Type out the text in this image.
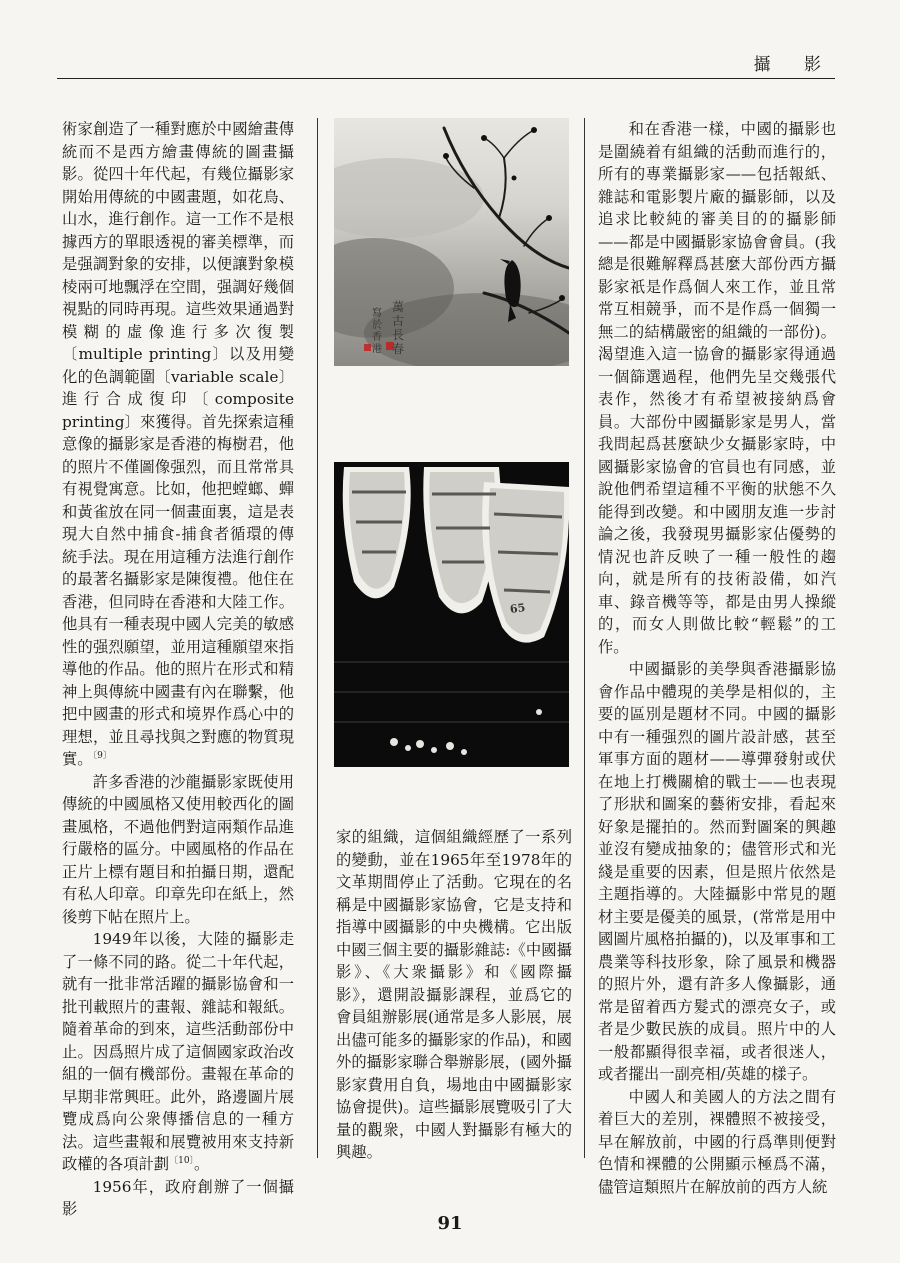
攝 影

術家創造了一種對應於中國繪畫傳統而不是西方繪畫傳統的圖畫攝影。從四十年代起，有幾位攝影家開始用傳統的中國畫題，如花鳥、山水，進行創作。這一工作不是根據西方的單眼透視的審美標準，而是强調對象的安排，以便讓對象模棱兩可地飄浮在空間，强調好幾個視點的同時再現。這些效果通過對模糊的虛像進行多次復製〔multiple printing〕以及用變化的色調範圍〔variable scale〕進行合成復印〔composite printing〕來獲得。首先探索這種意像的攝影家是香港的梅樹君，他的照片不僅圖像强烈，而且常常具有視覺寓意。比如，他把螳螂、蟬和黃雀放在同一個畫面裏，這是表現大自然中捕食-捕食者循環的傳統手法。現在用這種方法進行創作的最著名攝影家是陳復禮。他住在香港，但同時在香港和大陸工作。他具有一種表現中國人完美的敏感性的强烈願望，並用這種願望來指導他的作品。他的照片在形式和精神上與傳統中國畫有內在聯繫，他把中國畫的形式和境界作爲心中的理想，並且尋找與之對應的物質現實。$^{〔9〕}$

許多香港的沙龍攝影家既使用傳統的中國風格又使用較西化的圖畫風格，不過他們對這兩類作品進行嚴格的區分。中國風格的作品在正片上標有題目和拍攝日期，還配有私人印章。印章先印在紙上，然後剪下帖在照片上。

1949年以後，大陸的攝影走了一條不同的路。從二十年代起，就有一批非常活躍的攝影協會和一批刊載照片的畫報、雜誌和報紙。隨着革命的到來，這些活動部份中止。因爲照片成了這個國家政治改組的一個有機部份。畫報在革命的早期非常興旺。此外，路邊圖片展覽成爲向公衆傳播信息的一種方法。這些畫報和展覽被用來支持新政權的各項計劃$^{〔10〕}$。

1956年，政府創辦了一個攝影

萬 古 長 春
寫 於 香 港
65

家的組織，這個組織經歷了一系列的變動，並在1965年至1978年的文革期間停止了活動。它現在的名稱是中國攝影家協會，它是支持和指導中國攝影的中央機構。它出版中國三個主要的攝影雜誌:《中國攝影》、《大衆攝影》和《國際攝影》，還開設攝影課程，並爲它的會員組辦影展(通常是多人影展，展出儘可能多的攝影家的作品)，和國外的攝影家聯合舉辦影展，(國外攝影家費用自負，場地由中國攝影家協會提供)。這些攝影展覽吸引了大量的觀衆，中國人對攝影有極大的興趣。

和在香港一樣，中國的攝影也是圍繞着有組織的活動而進行的，所有的專業攝影家——包括報紙、雜誌和電影製片廠的攝影師，以及追求比較純的審美目的的攝影師——都是中國攝影家協會會員。(我總是很難解釋爲甚麼大部份西方攝影家祇是作爲個人來工作，並且常常互相競爭，而不是作爲一個獨一無二的結構嚴密的組織的一部份)。渴望進入這一協會的攝影家得通過一個篩選過程，他們先呈交幾張代表作，然後才有希望被接納爲會員。大部份中國攝影家是男人，當我問起爲甚麼缺少女攝影家時，中國攝影家協會的官員也有同感，並說他們希望這種不平衡的狀態不久能得到改變。和中國朋友進一步討論之後，我發現男攝影家佔優勢的情況也許反映了一種一般性的趨向，就是所有的技術設備，如汽車、錄音機等等，都是由男人操縱的，而女人則做比較“輕鬆”的工作。

中國攝影的美學與香港攝影協會作品中體現的美學是相似的，主要的區別是題材不同。中國的攝影中有一種强烈的圖片設計感，甚至軍事方面的題材——導彈發射或伏在地上打機關槍的戰士——也表現了形狀和圖案的藝術安排，看起來好象是擺拍的。然而對圖案的興趣並沒有變成抽象的；儘管形式和光綫是重要的因素，但是照片依然是主題指導的。大陸攝影中常見的題材主要是優美的風景，(常常是用中國圖片風格拍攝的)，以及軍事和工農業等科技形象，除了風景和機器的照片外，還有許多人像攝影，通常是留着西方髮式的漂亮女子，或者是少數民族的成員。照片中的人一般都顯得很幸福，或者很迷人，或者擺出一副亮相/英雄的樣子。

中國人和美國人的方法之間有着巨大的差別，裸體照不被接受，早在解放前，中國的行爲準則便對色情和裸體的公開顯示極爲不滿，儘管這類照片在解放前的西方人統

91
